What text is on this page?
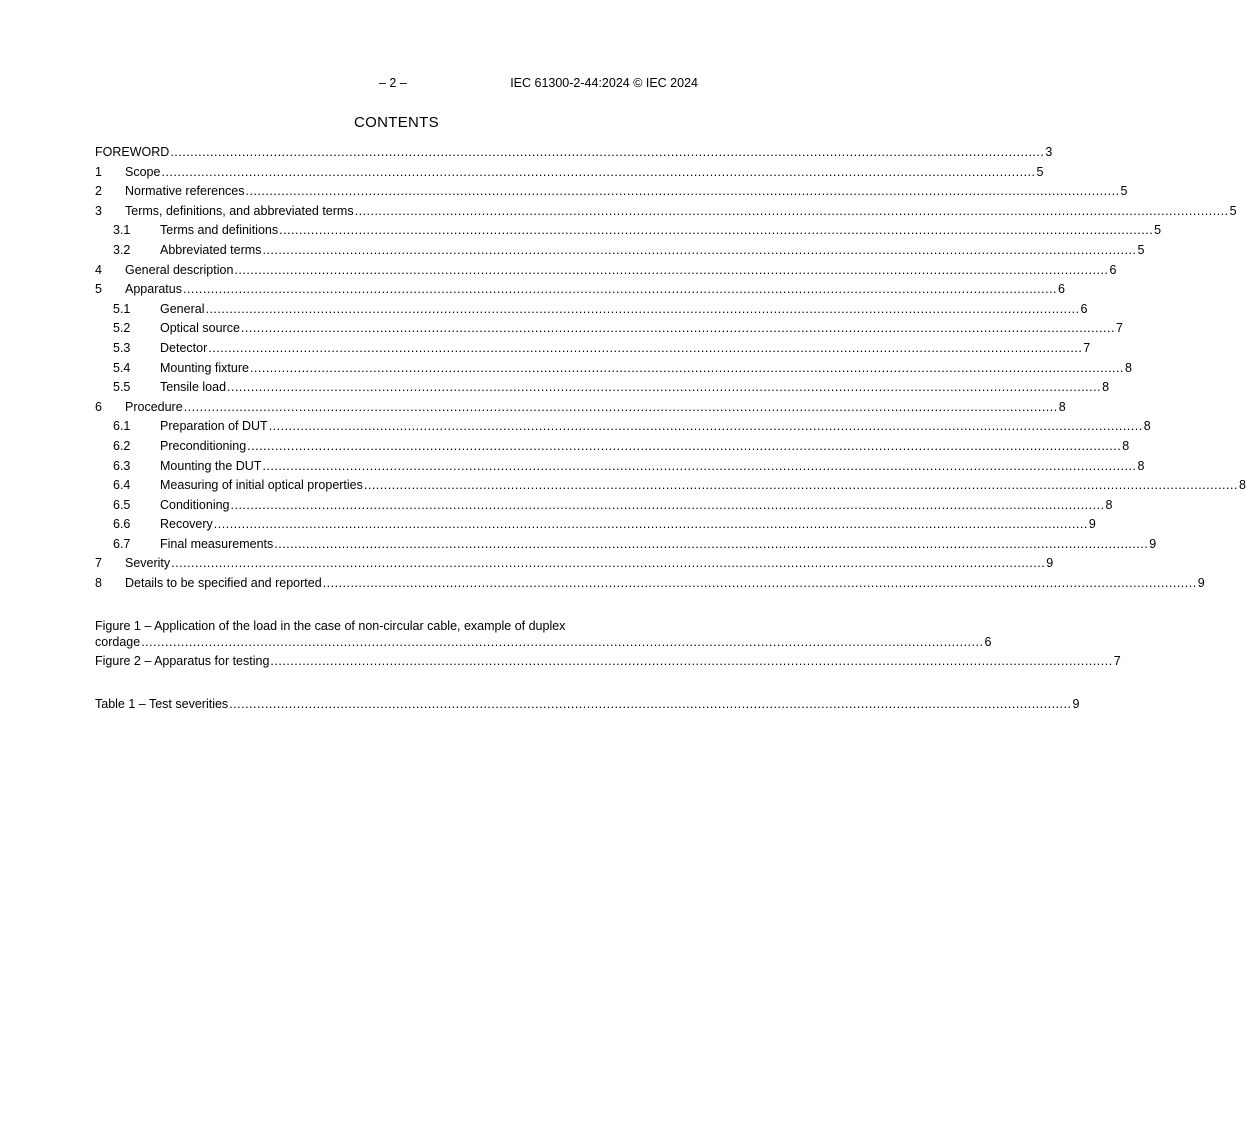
– 2 –	IEC 61300-2-44:2024 © IEC 2024
CONTENTS
FOREWORD ............................................................................................................................................................................................................................ 3
1	Scope ............................................................................................................................................................................................................................ 5
2	Normative references ............................................................................................................................................................................................................................ 5
3	Terms, definitions, and abbreviated terms ............................................................................................................................................................................................................................ 5
3.1	Terms and definitions ............................................................................................................................................................................................................................ 5
3.2	Abbreviated terms ............................................................................................................................................................................................................................ 5
4	General description ............................................................................................................................................................................................................................ 6
5	Apparatus ............................................................................................................................................................................................................................ 6
5.1	General ............................................................................................................................................................................................................................ 6
5.2	Optical source ............................................................................................................................................................................................................................ 7
5.3	Detector ............................................................................................................................................................................................................................ 7
5.4	Mounting fixture ............................................................................................................................................................................................................................ 8
5.5	Tensile load ............................................................................................................................................................................................................................ 8
6	Procedure ............................................................................................................................................................................................................................ 8
6.1	Preparation of DUT ............................................................................................................................................................................................................................ 8
6.2	Preconditioning ............................................................................................................................................................................................................................ 8
6.3	Mounting the DUT ............................................................................................................................................................................................................................ 8
6.4	Measuring of initial optical properties ............................................................................................................................................................................................................................ 8
6.5	Conditioning ............................................................................................................................................................................................................................ 8
6.6	Recovery ............................................................................................................................................................................................................................ 9
6.7	Final measurements ............................................................................................................................................................................................................................ 9
7	Severity ............................................................................................................................................................................................................................ 9
8	Details to be specified and reported ............................................................................................................................................................................................................................ 9
Figure 1 – Application of the load in the case of non-circular cable, example of duplex
cordage .................................................................................................................................................................................................................... 6
Figure 2 – Apparatus for testing .................................................................................................................................................................................................................... 7
Table 1 – Test severities .................................................................................................................................................................................................................... 9
